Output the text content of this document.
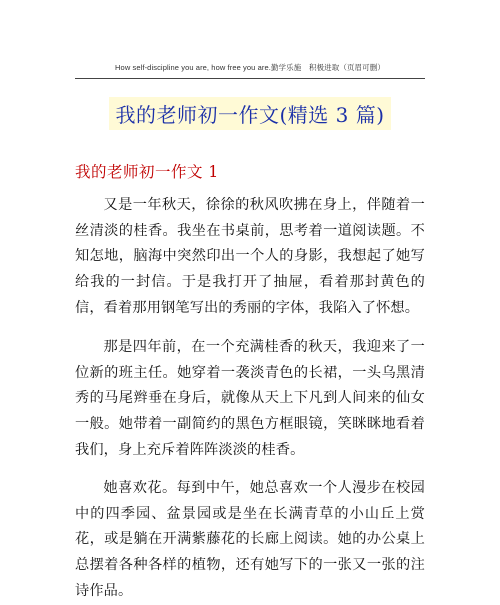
How self-discipline you are, how free you are.勤学乐施　积极进取（页眉可删）
我的老师初一作文(精选 3 篇)
我的老师初一作文 1

又是一年秋天，徐徐的秋风吹拂在身上，伴随着一丝清淡的桂香。我坐在书桌前，思考着一道阅读题。不知怎地，脑海中突然印出一个人的身影，我想起了她写给我的一封信。于是我打开了抽屉，看着那封黄色的信，看着那用钢笔写出的秀丽的字体，我陷入了怀想。

那是四年前，在一个充满桂香的秋天，我迎来了一位新的班主任。她穿着一袭淡青色的长裙，一头乌黑清秀的马尾辫垂在身后，就像从天上下凡到人间来的仙女一般。她带着一副简约的黑色方框眼镜，笑眯眯地看着我们，身上充斥着阵阵淡淡的桂香。

她喜欢花。每到中午，她总喜欢一个人漫步在校园中的四季园、盆景园或是坐在长满青草的小山丘上赏花，或是躺在开满紫藤花的长廊上阅读。她的办公桌上总摆着各种各样的植物，还有她写下的一张又一张的注诗作品。
